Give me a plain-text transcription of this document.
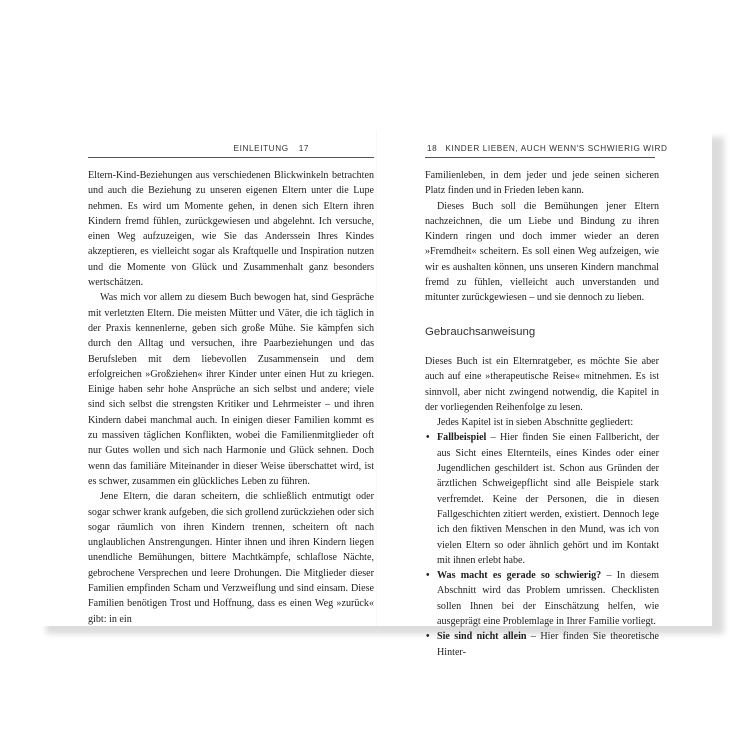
EINLEITUNG 17

Eltern-Kind-Beziehungen aus verschiedenen Blickwinkeln betrachten und auch die Beziehung zu unseren eigenen Eltern unter die Lupe nehmen. Es wird um Momente gehen, in denen sich Eltern ihren Kindern fremd fühlen, zurückgewiesen und abgelehnt. Ich versuche, einen Weg aufzuzeigen, wie Sie das Anderssein Ihres Kindes akzeptieren, es vielleicht sogar als Kraftquelle und Inspiration nutzen und die Momente von Glück und Zusammenhalt ganz besonders wertschätzen.

Was mich vor allem zu diesem Buch bewogen hat, sind Gespräche mit verletzten Eltern. Die meisten Mütter und Väter, die ich täglich in der Praxis kennenlerne, geben sich große Mühe. Sie kämpfen sich durch den Alltag und versuchen, ihre Paarbeziehungen und das Berufsleben mit dem liebevollen Zusammensein und dem erfolgreichen »Großziehen« ihrer Kinder unter einen Hut zu kriegen. Einige haben sehr hohe Ansprüche an sich selbst und andere; viele sind sich selbst die strengsten Kritiker und Lehrmeister – und ihren Kindern dabei manchmal auch. In einigen dieser Familien kommt es zu massiven täglichen Konflikten, wobei die Familienmitglieder oft nur Gutes wollen und sich nach Harmonie und Glück sehnen. Doch wenn das familiäre Miteinander in dieser Weise überschattet wird, ist es schwer, zusammen ein glückliches Leben zu führen.

Jene Eltern, die daran scheitern, die schließlich entmutigt oder sogar schwer krank aufgeben, die sich grollend zurückziehen oder sich sogar räumlich von ihren Kindern trennen, scheitern oft nach unglaublichen Anstrengungen. Hinter ihnen und ihren Kindern liegen unendliche Bemühungen, bittere Machtkämpfe, schlaflose Nächte, gebrochene Versprechen und leere Drohungen. Die Mitglieder dieser Familien empfinden Scham und Verzweiflung und sind einsam. Diese Familien benötigen Trost und Hoffnung, dass es einen Weg »zurück« gibt: in ein

18 KINDER LIEBEN, AUCH WENN'S SCHWIERIG WIRD

Familienleben, in dem jeder und jede seinen sicheren Platz finden und in Frieden leben kann.

Dieses Buch soll die Bemühungen jener Eltern nachzeichnen, die um Liebe und Bindung zu ihren Kindern ringen und doch immer wieder an deren »Fremdheit« scheitern. Es soll einen Weg aufzeigen, wie wir es aushalten können, uns unseren Kindern manchmal fremd zu fühlen, vielleicht auch unverstanden und mitunter zurückgewiesen – und sie dennoch zu lieben.

Gebrauchsanweisung

Dieses Buch ist ein Elternratgeber, es möchte Sie aber auch auf eine »therapeutische Reise« mitnehmen. Es ist sinnvoll, aber nicht zwingend notwendig, die Kapitel in der vorliegenden Reihenfolge zu lesen.

Jedes Kapitel ist in sieben Abschnitte gegliedert:

• Fallbeispiel – Hier finden Sie einen Fallbericht, der aus Sicht eines Elternteils, eines Kindes oder einer Jugendlichen geschildert ist. Schon aus Gründen der ärztlichen Schweigepflicht sind alle Beispiele stark verfremdet. Keine der Personen, die in diesen Fallgeschichten zitiert werden, existiert. Dennoch lege ich den fiktiven Menschen in den Mund, was ich von vielen Eltern so oder ähnlich gehört und im Kontakt mit ihnen erlebt habe.
• Was macht es gerade so schwierig? – In diesem Abschnitt wird das Problem umrissen. Checklisten sollen Ihnen bei der Einschätzung helfen, wie ausgeprägt eine Problemlage in Ihrer Familie vorliegt.
• Sie sind nicht allein – Hier finden Sie theoretische Hinter-
